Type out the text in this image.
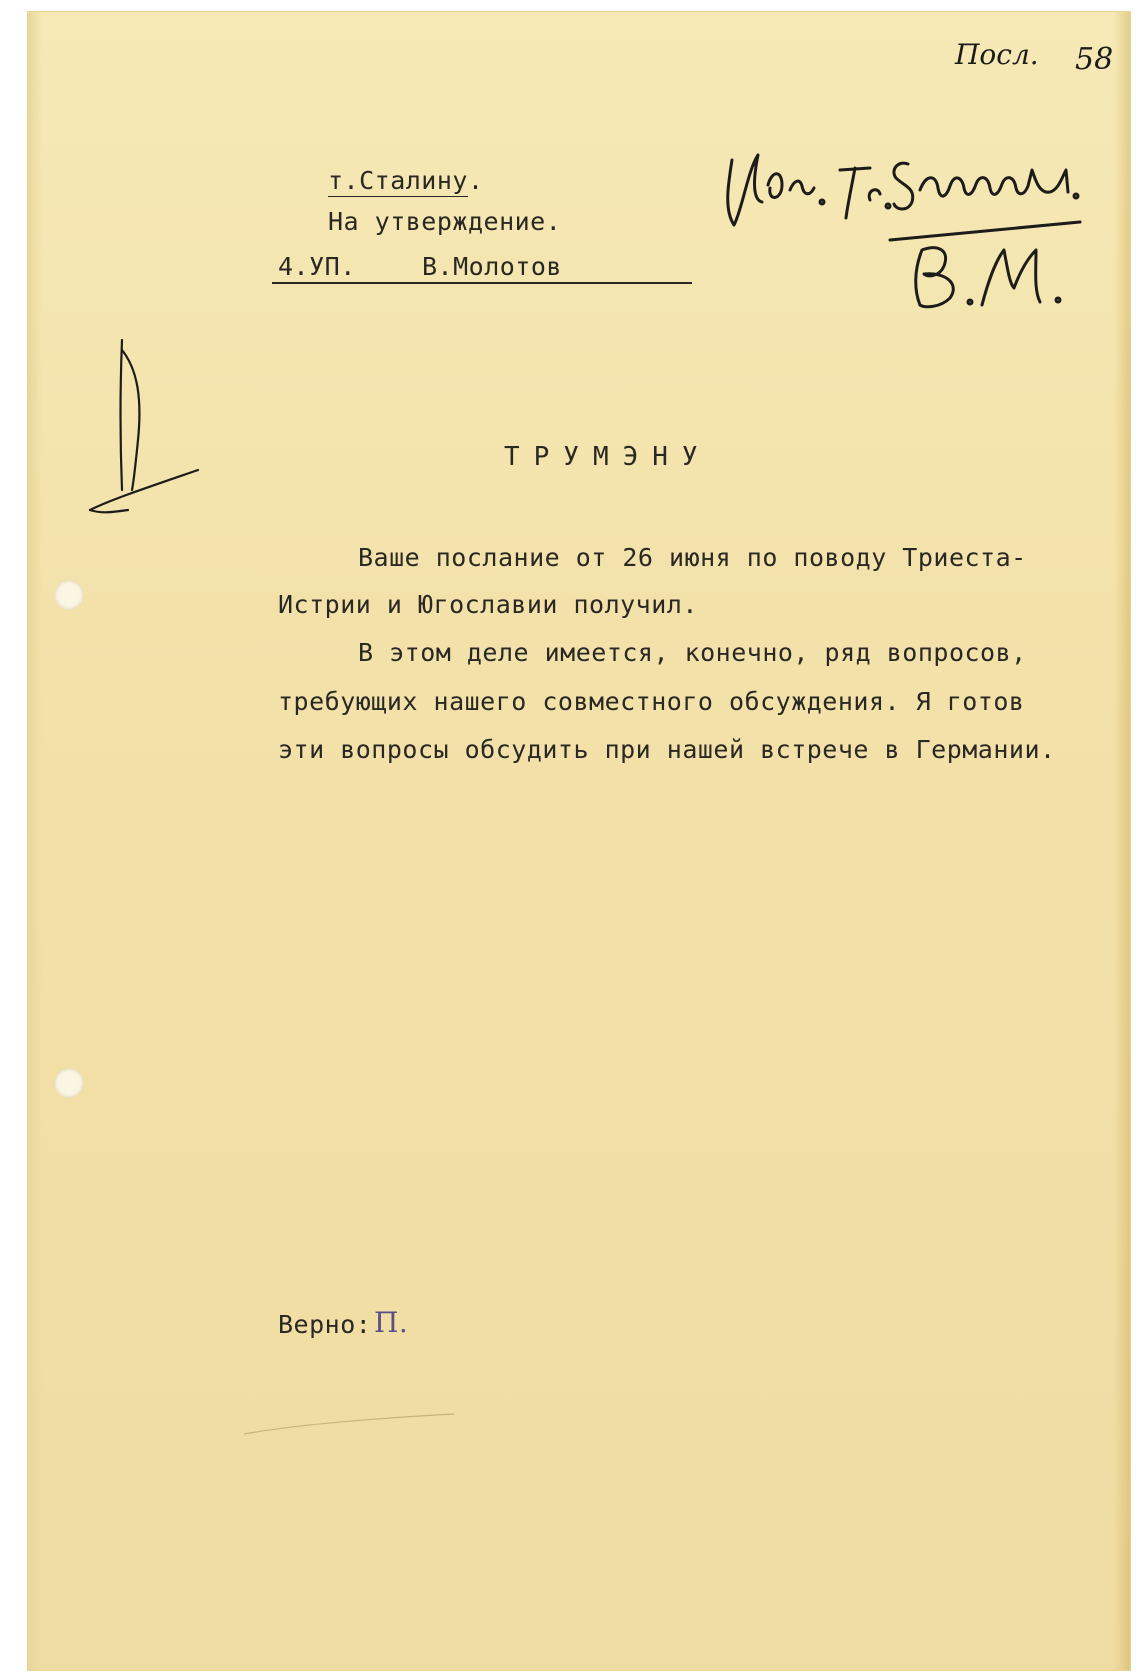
Посл. 58
т.Сталину.
На утверждение.
4.УП.	В.Молотов
ТРУМЭНУ
Ваше послание от 26 июня по поводу Триеста-
Истрии и Югославии получил.
В этом деле имеется, конечно, ряд вопросов,
требующих нашего совместного обсуждения. Я готов
эти вопросы обсудить при нашей встрече в Германии.
Верно: П.
